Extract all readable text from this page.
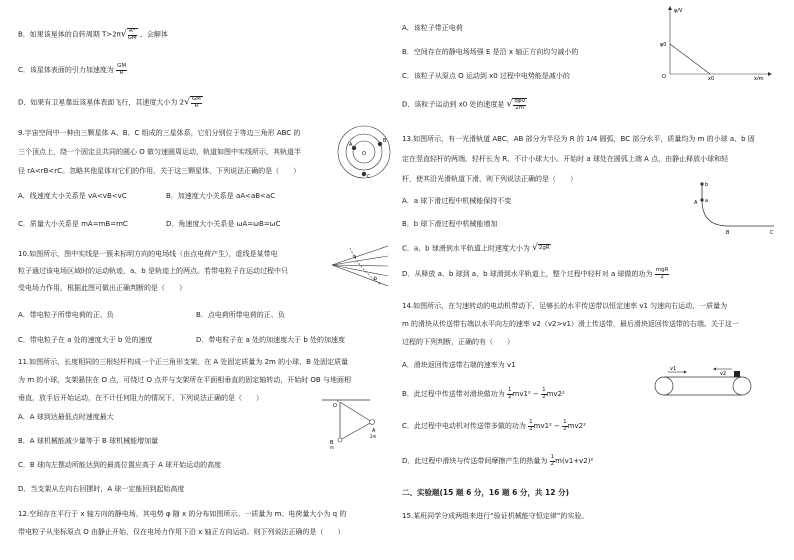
B．如果该星体的自转周期 $T>2\pi√ \frac{\text{R³}}{GM}$ ，会解体
C．该星体表面的引力加速度为 $\frac{GM}{R}$
D．如果有卫星靠近该星体表面飞行，其速度大小为 $2√ \frac{GM}{R}$
9.宇宙空间中一种由三颗星体 A、B、C 组成的三星体系，它们分别位于等边三角形 ABC 的
三个顶点上，绕一个固定且共同的圆心 O 做匀速圆周运动，轨道如图中实线所示，其轨道半
径 rA<rB<rC。忽略其他星体对它们的作用，关于这三颗星体，下列说法正确的是（　　）
A
B
C
O
A．线速度大小关系是 vA<vB<vC	B．加速度大小关系是 aA<aB<aC
C．质量大小关系是 mA=mB=mC	D．角速度大小关系是 ωA=ωB=ωC
10.如图所示，图中实线是一簇未标明方向的电场线（由点电荷产生），虚线是某带电
粒子通过该电场区域时的运动轨迹，a、b 是轨迹上的两点。若带电粒子在运动过程中只
受电场力作用，根据此图可做出正确判断的是（　　）
a
b
A．带电粒子所带电荷的正、负	B．点电荷所带电荷的正、负
C．带电粒子在 a 处的速度大于 b 处的速度	D．带电粒子在 a 处的加速度大于 b 处的加速度
11.如图所示，长度相同的三根轻杆构成一个正三角形支架，在 A 处固定质量为 2m 的小球，B 处固定质量
为 m 的小球，支架悬挂在 O 点，可绕过 O 点并与支架所在平面相垂直的固定轴转动，开始时 OB 与地面相
垂直，放手后开始运动，在不计任何阻力的情况下，下列说法正确的是（　　）
O
A
B
2m
m
A．A 球到达最低点时速度最大
B．A 球机械能减少量等于 B 球机械能增加量
C．B 球向左摆动所能达到的最高位置应高于 A 球开始运动的高度
D．当支架从左向右回摆时，A 球一定能回到起始高度
12.空间存在平行于 x 轴方向的静电场，其电势 φ 随 x 的分布如图所示。一质量为 m、电荷量大小为 q 的
带电粒子从坐标原点 O 由静止开始，仅在电场力作用下沿 x 轴正方向运动。则下列说法正确的是（　　）
A．该粒子带正电荷
B．空间存在的静电场场强 E 是沿 x 轴正方向均匀减小的
C．该粒子从原点 O 运动到 x0 过程中电势能是减小的
D．该粒子运动到 x0 处的速度是 √ $\frac{q\varphi 0}{2m}$
φ/V
φ0
O	x0	x/m
13.如图所示，有一光滑轨道 ABC，AB 部分为半径为 R 的 1/4 圆弧，BC 部分水平，质量均为 m 的小球 a、b 固
定在竖直轻杆的两端，轻杆长为 R，不计小球大小。开始时 a 球处在圆弧上端 A 点，由静止释放小球和轻
杆，使其沿光滑轨道下滑，则下列说法正确的是（　　）
b
a
A
B	C
A．a 球下滑过程中机械能保持不变
B．b 球下滑过程中机械能增加
C．a、b 球滑到水平轨道上时速度大小为 √2gR
D．从释放 a、b 球到 a、b 球滑到水平轨道上，整个过程中轻杆对 a 球做的功为 $\frac{\text{mgR}}{2}$
14.如图所示，在匀速转动的电动机带动下，足够长的水平传送带以恒定速率 v1 匀速向右运动，一质量为
m 的滑块从传送带右端以水平向左的速率 v2（v2>v1）滑上传送带，最后滑块返回传送带的右端。关于这一
过程的下列判断，正确的有（　　）
v1
v2
A．滑块返回传送带右端的速率为 v1
B．此过程中传送带对滑块做功为 $\frac{1}{2} mv1^2 - \frac{1}{2} mv2^2$
C．此过程中电动机对传送带多做的功为 $\frac{1}{2} mv1^2 - \frac{1}{2} mv2^2$
D．此过程中滑块与传送带间摩擦产生的热量为 $\frac{1}{2} m(v1+v2)^2$
二、实验题(15 题 6 分，16 题 6 分，共 12 分)
15.某班同学分成两组来进行“验证机械能守恒定律”的实验。
